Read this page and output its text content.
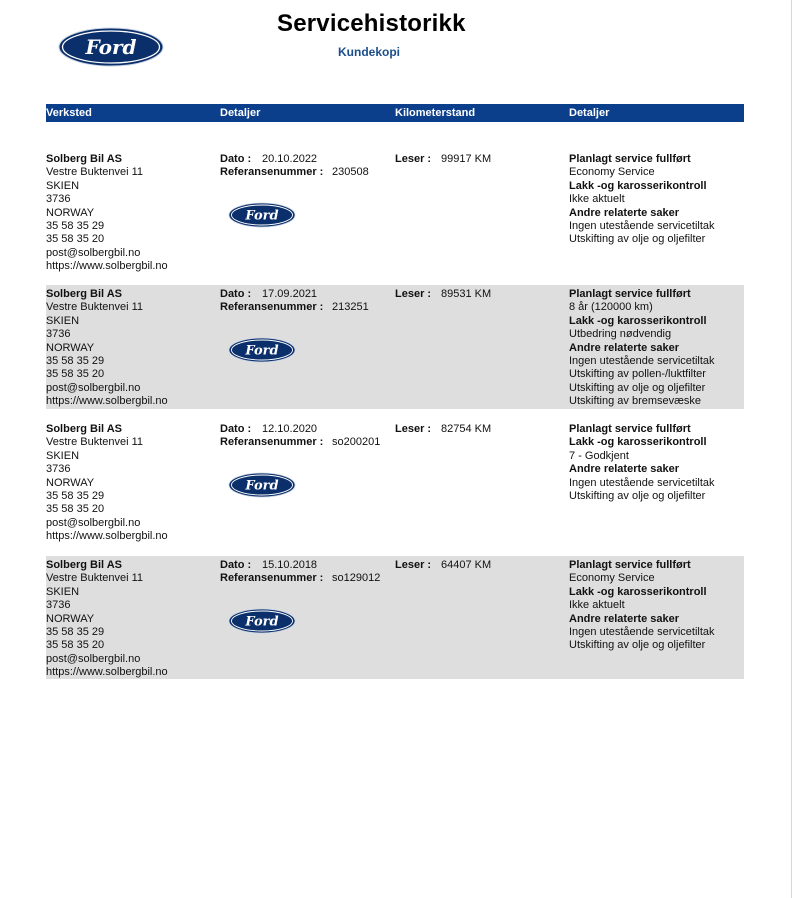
Ford
Servicehistorikk
Kundekopi
Verksted	Detaljer	Kilometerstand	Detaljer
Solberg Bil AS
Vestre Buktenvei 11
SKIEN
3736
NORWAY
35 58 35 29
35 58 35 20
post@solbergbil.no
https://www.solbergbil.no
Dato : 20.10.2022
Referansenummer : 230508
Ford
Leser : 99917 KM	Planlagt service fullført
Economy Service
Lakk -og karosserikontroll
Ikke aktuelt
Andre relaterte saker
Ingen utestående servicetiltak
Utskifting av olje og oljefilter
Solberg Bil AS
Vestre Buktenvei 11
SKIEN
3736
NORWAY
35 58 35 29
35 58 35 20
post@solbergbil.no
https://www.solbergbil.no
Dato : 17.09.2021
Referansenummer : 213251
Ford
Leser : 89531 KM	Planlagt service fullført
8 år (120000 km)
Lakk -og karosserikontroll
Utbedring nødvendig
Andre relaterte saker
Ingen utestående servicetiltak
Utskifting av pollen-/luktfilter
Utskifting av olje og oljefilter
Utskifting av bremsevæske
Solberg Bil AS
Vestre Buktenvei 11
SKIEN
3736
NORWAY
35 58 35 29
35 58 35 20
post@solbergbil.no
https://www.solbergbil.no
Dato : 12.10.2020
Referansenummer : so200201
Ford
Leser : 82754 KM	Planlagt service fullført
Lakk -og karosserikontroll
7 - Godkjent
Andre relaterte saker
Ingen utestående servicetiltak
Utskifting av olje og oljefilter
Solberg Bil AS
Vestre Buktenvei 11
SKIEN
3736
NORWAY
35 58 35 29
35 58 35 20
post@solbergbil.no
https://www.solbergbil.no
Dato : 15.10.2018
Referansenummer : so129012
Ford
Leser : 64407 KM	Planlagt service fullført
Economy Service
Lakk -og karosserikontroll
Ikke aktuelt
Andre relaterte saker
Ingen utestående servicetiltak
Utskifting av olje og oljefilter
